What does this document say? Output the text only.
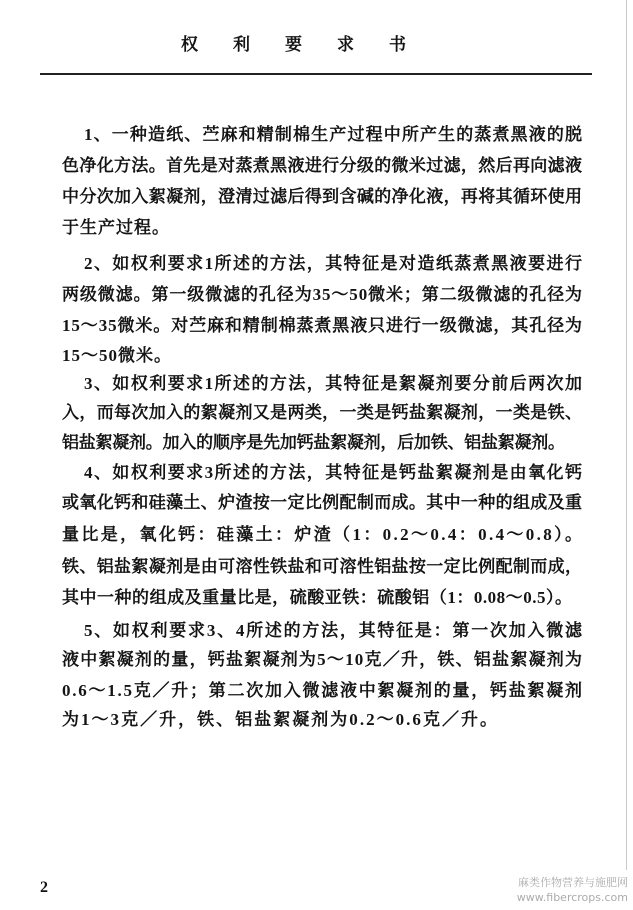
权利要求书
1、一种造纸、苎麻和精制棉生产过程中所产生的蒸煮黑液的脱
色净化方法。首先是对蒸煮黑液进行分级的微米过滤，然后再向滤液
中分次加入絮凝剂，澄清过滤后得到含碱的净化液，再将其循环使用
于生产过程。
2、如权利要求1所述的方法，其特征是对造纸蒸煮黑液要进行
两级微滤。第一级微滤的孔径为35～50微米；第二级微滤的孔径为
15～35微米。对苎麻和精制棉蒸煮黑液只进行一级微滤，其孔径为
15～50微米。
3、如权利要求1所述的方法，其特征是絮凝剂要分前后两次加
入，而每次加入的絮凝剂又是两类，一类是钙盐絮凝剂，一类是铁、
铝盐絮凝剂。加入的顺序是先加钙盐絮凝剂，后加铁、铝盐絮凝剂。
4、如权利要求3所述的方法，其特征是钙盐絮凝剂是由氧化钙
或氧化钙和硅藻土、炉渣按一定比例配制而成。其中一种的组成及重
量比是，氧化钙：硅藻土：炉渣（1：0.2～0.4：0.4～0.8）。
铁、铝盐絮凝剂是由可溶性铁盐和可溶性铝盐按一定比例配制而成，
其中一种的组成及重量比是，硫酸亚铁：硫酸铝（1：0.08～0.5）。
5、如权利要求3、4所述的方法，其特征是：第一次加入微滤
液中絮凝剂的量，钙盐絮凝剂为5～10克／升，铁、铝盐絮凝剂为
0.6～1.5克／升；第二次加入微滤液中絮凝剂的量，钙盐絮凝剂
为1～3克／升，铁、铝盐絮凝剂为0.2～0.6克／升。
2	麻类作物营养与施肥网
www.fibercrops.com
